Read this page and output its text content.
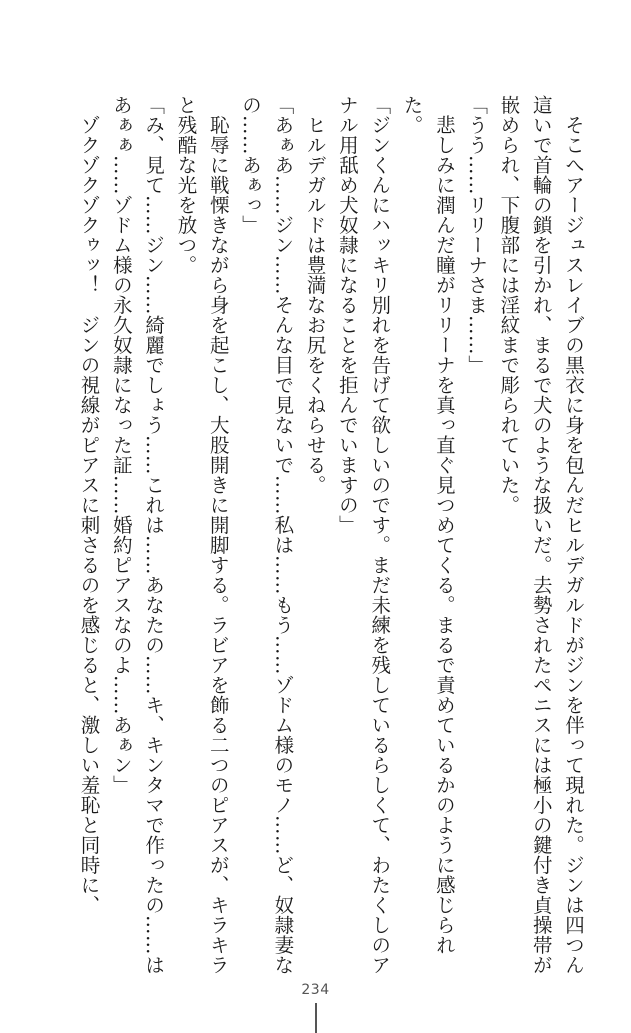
そこへアージュスレイブの黒衣に身を包んだヒルデガルドがジンを伴って現れた。ジンは四つん這いで首輪の鎖を引かれ、まるで犬のような扱いだ。去勢されたペニスには極小の鍵付き貞操帯が嵌められ、下腹部には淫紋まで彫られていた。

「うう……リリーナさま……」

悲しみに潤んだ瞳がリリーナを真っ直ぐ見つめてくる。まるで責めているかのように感じられた。

「ジンくんにハッキリ別れを告げて欲しいのです。まだ未練を残しているらしくて、わたくしのアナル用舐め犬奴隷になることを拒んでいますの」

ヒルデガルドは豊満なお尻をくねらせる。

「あぁあ……ジン……そんな目で見ないで……私は……もう……ゾドム様のモノ……ど、奴隷妻なの……あぁっ」

恥辱に戦慄きながら身を起こし、大股開きに開脚する。ラビアを飾る二つのピアスが、キラキラと残酷な光を放つ。

「み、見て……ジン……綺麗でしょう……これは……あなたの……キ、キンタマで作ったの……はあぁぁ……ゾドム様の永久奴隷になった証……婚約ピアスなのよ……あぁン」

ゾクゾクゾクゥッ！　ジンの視線がピアスに刺さるのを感じると、激しい羞恥と同時に、

234
